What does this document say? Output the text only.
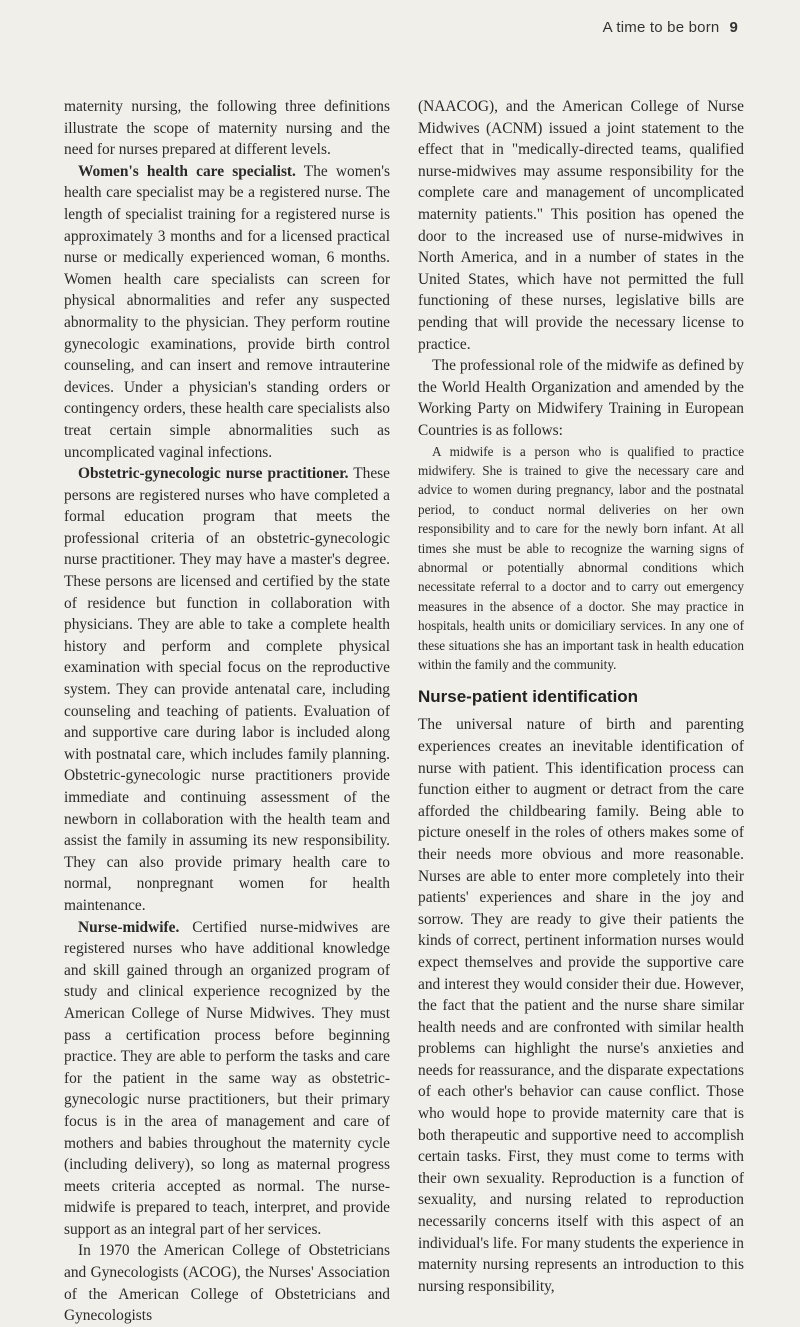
A time to be born 9

maternity nursing, the following three definitions illustrate the scope of maternity nursing and the need for nurses prepared at different levels.

Women's health care specialist. The women's health care specialist may be a registered nurse. The length of specialist training for a registered nurse is approximately 3 months and for a licensed practical nurse or medically experienced woman, 6 months. Women health care specialists can screen for physical abnormalities and refer any suspected abnormality to the physician. They perform routine gynecologic examinations, provide birth control counseling, and can insert and remove intrauterine devices. Under a physician's standing orders or contingency orders, these health care specialists also treat certain simple abnormalities such as uncomplicated vaginal infections.

Obstetric-gynecologic nurse practitioner. These persons are registered nurses who have completed a formal education program that meets the professional criteria of an obstetric-gynecologic nurse practitioner. They may have a master's degree. These persons are licensed and certified by the state of residence but function in collaboration with physicians. They are able to take a complete health history and perform and complete physical examination with special focus on the reproductive system. They can provide antenatal care, including counseling and teaching of patients. Evaluation of and supportive care during labor is included along with postnatal care, which includes family planning. Obstetric-gynecologic nurse practitioners provide immediate and continuing assessment of the newborn in collaboration with the health team and assist the family in assuming its new responsibility. They can also provide primary health care to normal, nonpregnant women for health maintenance.

Nurse-midwife. Certified nurse-midwives are registered nurses who have additional knowledge and skill gained through an organized program of study and clinical experience recognized by the American College of Nurse Midwives. They must pass a certification process before beginning practice. They are able to perform the tasks and care for the patient in the same way as obstetric-gynecologic nurse practitioners, but their primary focus is in the area of management and care of mothers and babies throughout the maternity cycle (including delivery), so long as maternal progress meets criteria accepted as normal. The nurse-midwife is prepared to teach, interpret, and provide support as an integral part of her services.

In 1970 the American College of Obstetricians and Gynecologists (ACOG), the Nurses' Association of the American College of Obstetricians and Gynecologists

(NAACOG), and the American College of Nurse Midwives (ACNM) issued a joint statement to the effect that in "medically-directed teams, qualified nurse-midwives may assume responsibility for the complete care and management of uncomplicated maternity patients." This position has opened the door to the increased use of nurse-midwives in North America, and in a number of states in the United States, which have not permitted the full functioning of these nurses, legislative bills are pending that will provide the necessary license to practice.

The professional role of the midwife as defined by the World Health Organization and amended by the Working Party on Midwifery Training in European Countries is as follows:

A midwife is a person who is qualified to practice midwifery. She is trained to give the necessary care and advice to women during pregnancy, labor and the postnatal period, to conduct normal deliveries on her own responsibility and to care for the newly born infant. At all times she must be able to recognize the warning signs of abnormal or potentially abnormal conditions which necessitate referral to a doctor and to carry out emergency measures in the absence of a doctor. She may practice in hospitals, health units or domiciliary services. In any one of these situations she has an important task in health education within the family and the community.

Nurse-patient identification

The universal nature of birth and parenting experiences creates an inevitable identification of nurse with patient. This identification process can function either to augment or detract from the care afforded the childbearing family. Being able to picture oneself in the roles of others makes some of their needs more obvious and more reasonable. Nurses are able to enter more completely into their patients' experiences and share in the joy and sorrow. They are ready to give their patients the kinds of correct, pertinent information nurses would expect themselves and provide the supportive care and interest they would consider their due. However, the fact that the patient and the nurse share similar health needs and are confronted with similar health problems can highlight the nurse's anxieties and needs for reassurance, and the disparate expectations of each other's behavior can cause conflict. Those who would hope to provide maternity care that is both therapeutic and supportive need to accomplish certain tasks. First, they must come to terms with their own sexuality. Reproduction is a function of sexuality, and nursing related to reproduction necessarily concerns itself with this aspect of an individual's life. For many students the experience in maternity nursing represents an introduction to this nursing responsibility,
